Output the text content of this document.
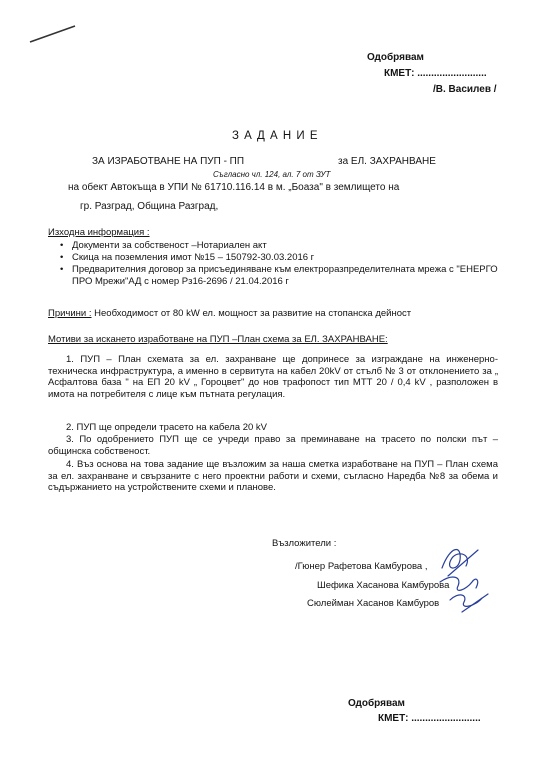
Одобрявам
КМЕТ: .........................
/В. Василев /
З А Д А Н И Е
ЗА ИЗРАБОТВАНЕ НА ПУП - ПП	за ЕЛ. ЗАХРАНВАНЕ
Съгласно чл. 124, ал. 7 от ЗУТ
на обект Автокъща в УПИ № 61710.116.14 в м. „Боаза" в землището на
гр. Разград, Община Разград,
Изходна информация :
• Документи за собственост –Нотариален акт
• Скица на поземления имот №15 – 150792-30.03.2016 г
• Предварителния договор за присъединяване към електроразпределителната мрежа с "ЕНЕРГО ПРО Мрежи"АД с номер Рз16-2696 / 21.04.2016 г
Причини : Необходимост от 80 kW ел. мощност за развитие на стопанска дейност
Мотиви за искането изработване на ПУП –План схема за ЕЛ. ЗАХРАНВАНЕ:
1. ПУП – План схемата за ел. захранване ще допринесе за изграждане на инженерно-техническа инфраструктура, а именно в сервитута на кабел 20kV от стълб № 3 от отклонението за „ Асфалтова база " на ЕП 20 kV „ Гороцвет" до нов трафопост тип МТТ 20 / 0,4 kV , разположен в имота на потребителя с лице към пътната регулация.
2. ПУП ще определи трасето на кабела 20 kV
3. По одобрението ПУП ще се учреди право за преминаване на трасето по полски път – общинска собственост.
4. Въз основа на това задание ще възложим за наша сметка изработване на ПУП – План схема за ел. захранване и свързаните с него проектни работи и схеми, съгласно Наредба №8 за обема и съдържанието на устройствените схеми и планове.
Възложители :
/Гюнер Рафетова Камбурова ,
Шефика Хасанова Камбурова
Сюлейман Хасанов Камбуров
Одобрявам
КМЕТ: .........................
